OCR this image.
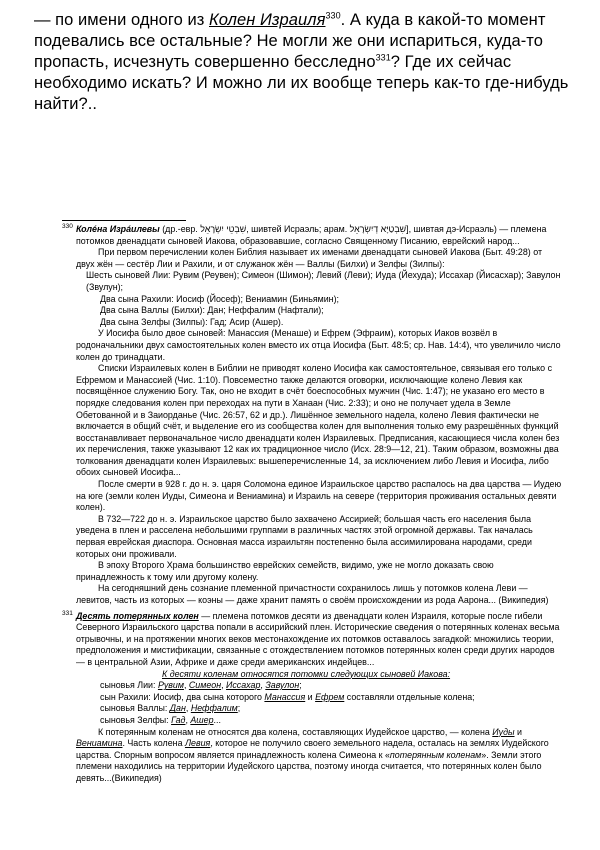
— по имени одного из Колен Израиля$^{330}$. А куда в какой-то момент
подевались все остальные? Не могли же они испариться, куда-то
пропасть, исчезнуть совершенно бесследно$^{331}$? Где их сейчас
необходимо искать? И можно ли их вообще теперь как-то где-нибудь
найти?..
330 Колéна Изрáилевы (др.-евр. ‏שִׁבְטֵי יִשְׂרָאֵל‏, шивтей Исраэль; арам. ‏שִׁבְטַיָּא דְיִשְׂרָאֵל‏], шивтая дэ-Исраэль) — племена потомков двенадцати сыновей Иакова, образовавшие, согласно Священному Писанию, еврейский народ...

При первом перечислении колен Библия называет их именами двенадцати сыновей Иакова (Быт. 49:28) от двух жён — сестёр Лии и Рахили, и от служанок жён — Валлы (Билхи) и Зелфы (Зилпы):

Шесть сыновей Лии: Рувим (Реувен); Симеон (Шимон); Левий (Леви); Иуда (Йехуда); Иссахар (Йисасхар); Завулон (Звулун);

Два сына Рахили: Иосиф (Йосеф); Вениамин (Биньямин);

Два сына Валлы (Билхи): Дан; Неффалим (Нафтали);

Два сына Зелфы (Зилпы): Гад; Асир (Ашер).

У Иосифа было двое сыновей: Манассия (Менаше) и Ефрем (Эфраим), которых Иаков возвёл в родоначальники двух самостоятельных колен вместо их отца Иосифа (Быт. 48:5; ср. Нав. 14:4), что увеличило число колен до тринадцати.

Списки Израилевых колен в Библии не приводят колено Иосифа как самостоятельное, связывая его только с Ефремом и Манассией (Чис. 1:10). Повсеместно также делаются оговорки, исключающие колено Левия как посвящённое служению Богу. Так, оно не входит в счёт боеспособных мужчин (Чис. 1:47); не указано его место в порядке следования колен при переходах на пути в Ханаан (Чис. 2:33); и оно не получает удела в Земле Обетованной и в Заиорданье (Чис. 26:57, 62 и др.). Лишённое земельного надела, колено Левия фактически не включается в общий счёт, и выделение его из сообщества колен для выполнения только ему разрешённых функций восстанавливает первоначальное число двенадцати колен Израилевых. Предписания, касающиеся числа колен без их перечисления, также указывают 12 как их традиционное число (Исх. 28:9—12, 21). Таким образом, возможны два толкования двенадцати колен Израилевых: вышеперечисленные 14, за исключением либо Левия и Иосифа, либо обоих сыновей Иосифа...

После смерти в 928 г. до н. э. царя Соломона единое Израильское царство распалось на два царства — Иудею на юге (земли колен Иуды, Симеона и Вениамина) и Израиль на севере (территория проживания остальных девяти колен).

В 732—722 до н. э. Израильское царство было захвачено Ассирией; большая часть его населения была уведена в плен и расселена небольшими группами в различных частях этой огромной державы. Так началась первая еврейская диаспора. Основная масса израильтян постепенно была ассимилирована народами, среди которых они проживали.

В эпоху Второго Храма большинство еврейских семейств, видимо, уже не могло доказать свою принадлежность к тому или другому колену.

На сегодняшний день сознание племенной причастности сохранилось лишь у потомков колена Леви — левитов, часть из которых — коэны — даже хранит память о своём происхождении из рода Аарона... (Википедия)

331 Десять потерянных колен — племена потомков десяти из двенадцати колен Израиля, которые после гибели Северного Израильского царства попали в ассирийский плен. Исторические сведения о потерянных коленах весьма отрывочны, и на протяжении многих веков местонахождение их потомков оставалось загадкой: множились теории, предположения и мистификации, связанные с отождествлением потомков потерянных колен среди других народов — в центральной Азии, Африке и даже среди американских индейцев...

К десяти коленам относятся потомки следующих сыновей Иакова:

сыновья Лии: Рувим, Симеон, Иссахар, Завулон;

сын Рахили: Иосиф, два сына которого Манассия и Ефрем составляли отдельные колена;

сыновья Валлы: Дан, Неффалим;

сыновья Зелфы: Гад, Ашер...

К потерянным коленам не относятся два колена, составляющих Иудейское царство, — колена Иуды и Вениамина. Часть колена Левия, которое не получило своего земельного надела, осталась на землях Иудейского царства. Спорным вопросом является принадлежность колена Симеона к «потерянным коленам». Земли этого племени находились на территории Иудейского царства, поэтому иногда считается, что потерянных колен было девять...(Википедия)
